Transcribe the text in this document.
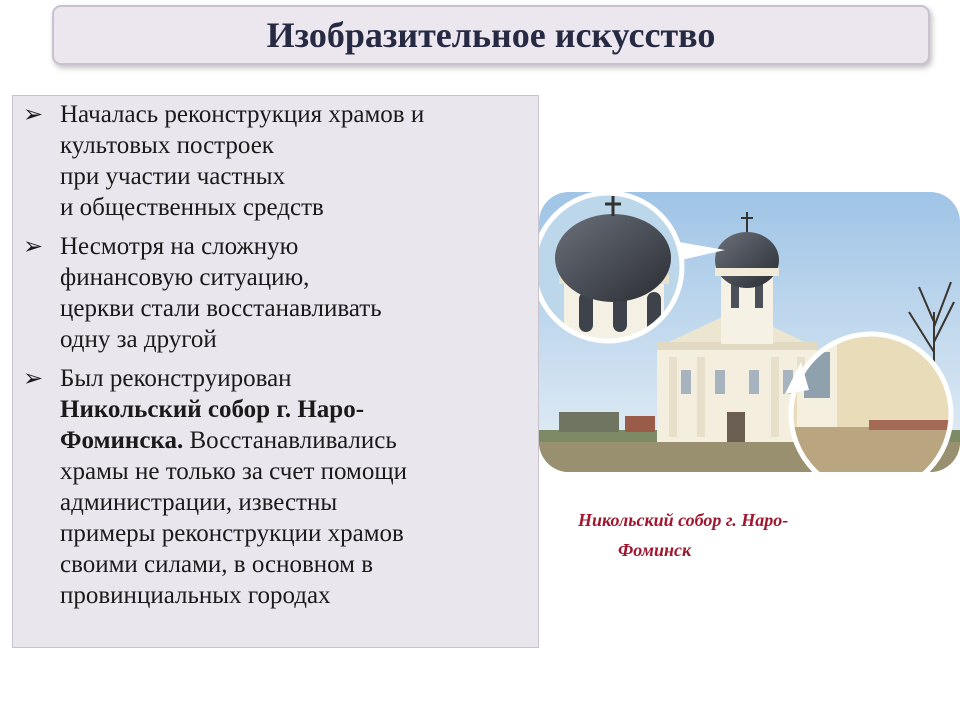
Изобразительное искусство
➢ Началась реконструкция храмов и
культовых построек
при участии частных
и общественных средств
➢ Несмотря на сложную
финансовую ситуацию,
церкви стали восстанавливать
одну за другой
➢ Был реконструирован
Никольский собор г. Наро-
Фоминска. Восстанавливались
храмы не только за счет помощи
администрации, известны
примеры реконструкции храмов
своими силами, в основном в
провинциальных городах
Никольский собор г. Наро-
Фоминск
